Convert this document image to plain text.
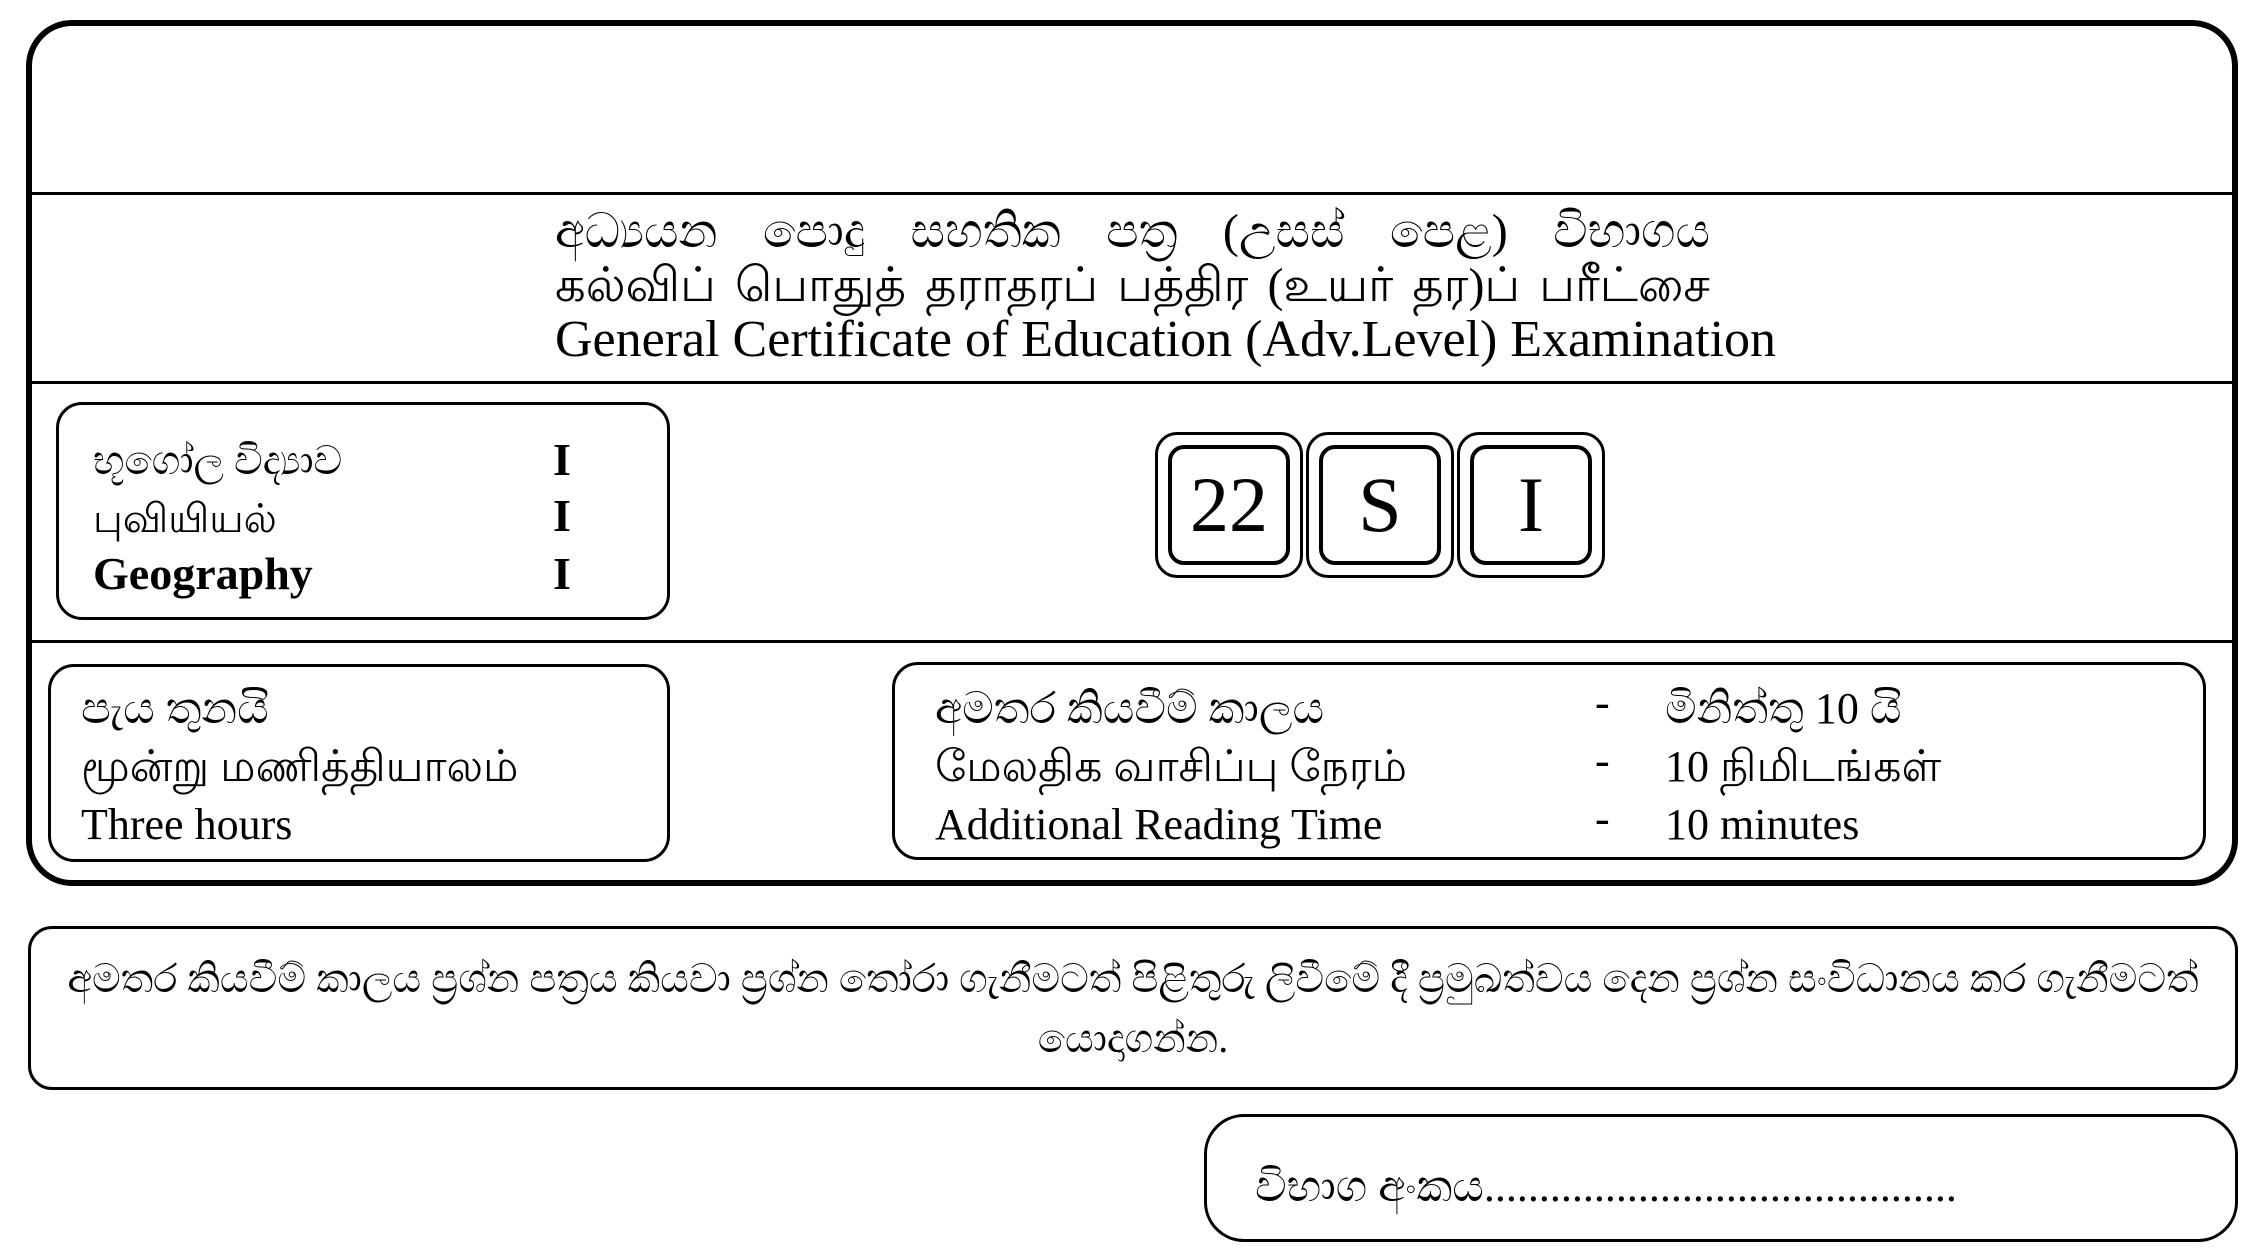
අධ්‍යයන පොදු සහතික පත්‍ර (උසස් පෙළ) විභාගය
கல்விப் பொதுத் தராதரப் பத்திர (உயர் தர)ப் பரீட்சை
General Certificate of Education (Adv.Level) Examination
භූගෝල විද්‍යාව	I
புவியியல்	I
Geography	I
22	S	I
පැය තුනයි
மூன்று மணித்தியாலம்
Three hours
අමතර කියවීම් කාලය	- මිනිත්තු 10 යි
மேலதிக வாசிப்பு நேரம்	- 10 நிமிடங்கள்
Additional Reading Time	- 10 minutes
අමතර කියවීම් කාලය ප්‍රශ්න පත්‍රය කියවා ප්‍රශ්න තෝරා ගැනීමටත් පිළිතුරු ලිවීමේ දී ප්‍රමුඛත්වය දෙන ප්‍රශ්න සංවිධානය කර ගැනීමටත් යොදාගන්න.
විභාග අංකය...........................................
